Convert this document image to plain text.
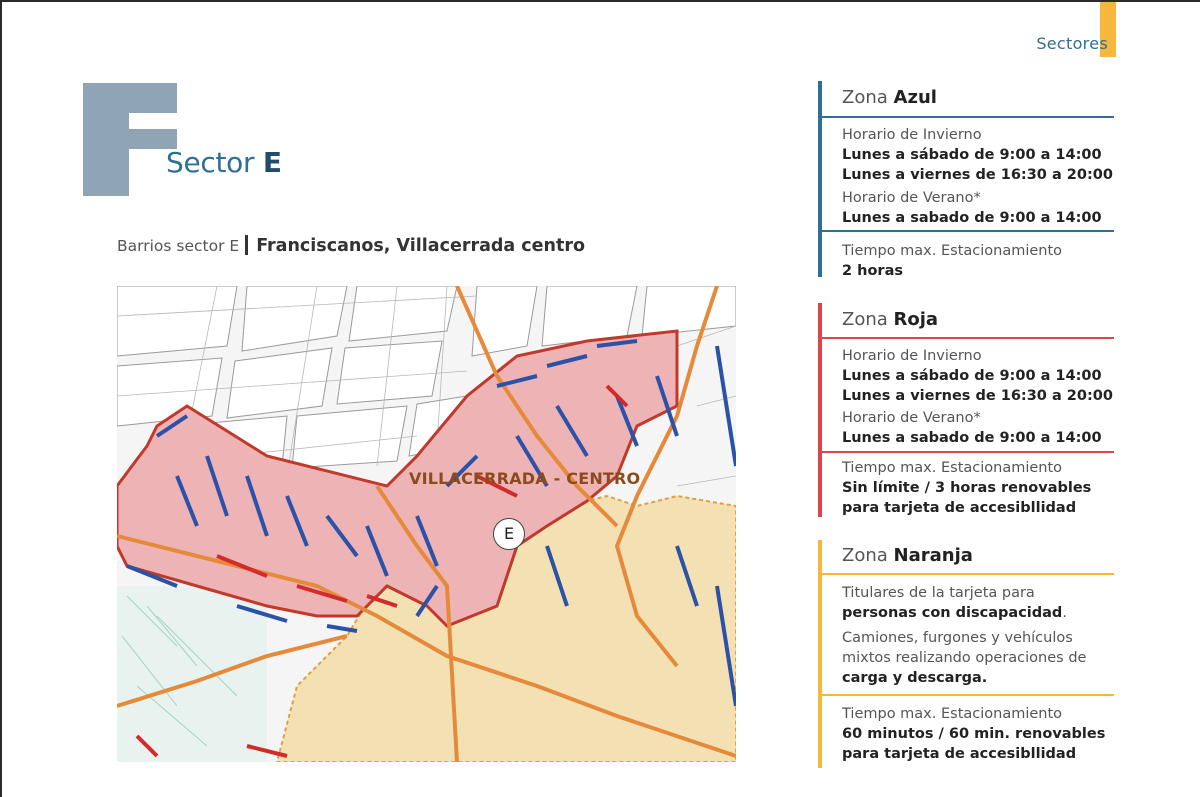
Sectores
Sector E
Barrios sector E Franciscanos, Villacerrada centro
VILLACERRADA - CENTRO
E
Zona Azul
Horario de Invierno
Lunes a sábado de 9:00 a 14:00
Lunes a viernes de 16:30 a 20:00
Horario de Verano*
Lunes a sabado de 9:00 a 14:00
Tiempo max. Estacionamiento
2 horas
Zona Roja
Horario de Invierno
Lunes a sábado de 9:00 a 14:00
Lunes a viernes de 16:30 a 20:00
Horario de Verano*
Lunes a sabado de 9:00 a 14:00
Tiempo max. Estacionamiento
Sin límite / 3 horas renovables
para tarjeta de accesibllidad
Zona Naranja
Titulares de la tarjeta para
personas con discapacidad.
Camiones, furgones y vehículos
mixtos realizando operaciones de
carga y descarga.
Tiempo max. Estacionamiento
60 minutos / 60 min. renovables
para tarjeta de accesibllidad
